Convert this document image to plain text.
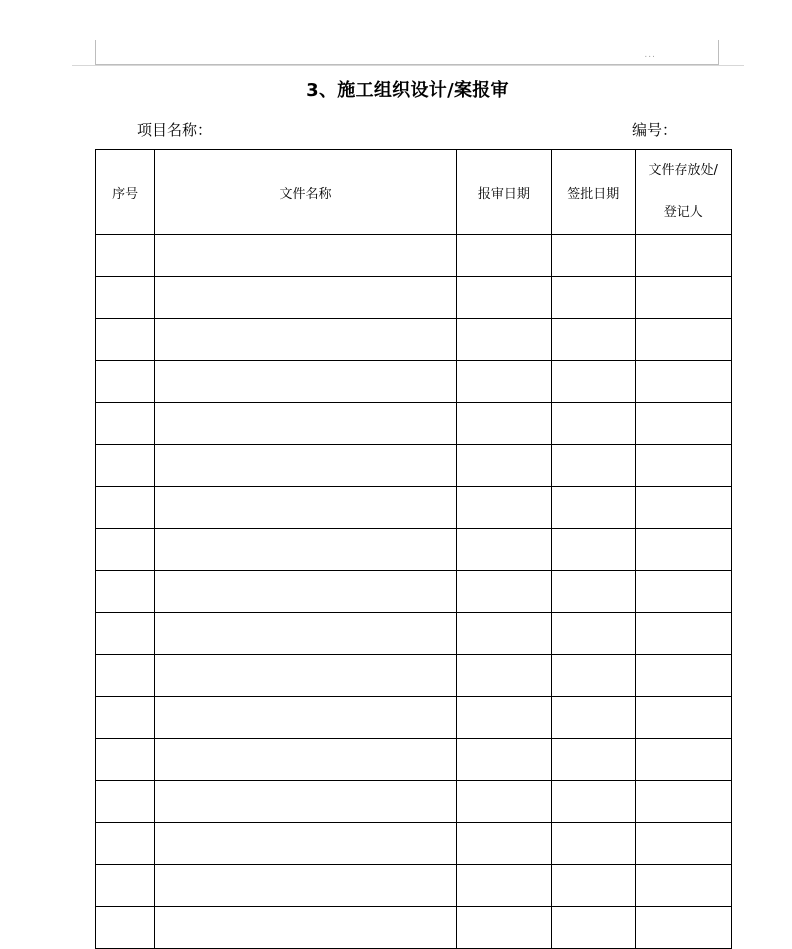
...
3、施工组织设计/案报审
项目名称：	编号：
序号	文件名称	报审日期	签批日期	文件存放处/
登记人
